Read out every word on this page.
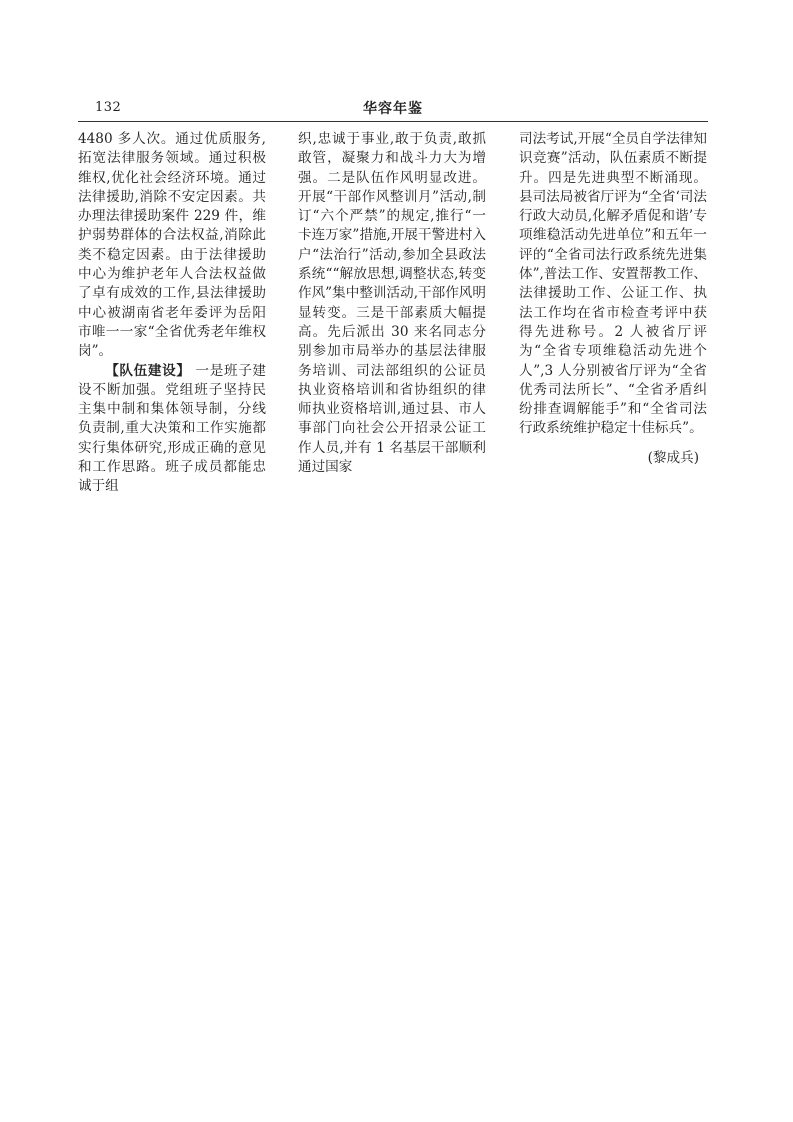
132	华容年鉴

4480 多人次。通过优质服务,拓宽法律服务领域。通过积极维权,优化社会经济环境。通过法律援助,消除不安定因素。共办理法律援助案件 229 件，维护弱势群体的合法权益,消除此类不稳定因素。由于法律援助中心为维护老年人合法权益做了卓有成效的工作,县法律援助中心被湖南省老年委评为岳阳市唯一一家“全省优秀老年维权岗”。

【队伍建设】 一是班子建设不断加强。党组班子坚持民主集中制和集体领导制，分线负责制,重大决策和工作实施都实行集体研究,形成正确的意见和工作思路。班子成员都能忠诚于组

织,忠诚于事业,敢于负责,敢抓敢管，凝聚力和战斗力大为增强。二是队伍作风明显改进。开展“干部作风整训月”活动,制订“六个严禁”的规定,推行“一卡连万家”措施,开展干警进村入户“法治行”活动,参加全县政法系统““解放思想,调整状态,转变作风”集中整训活动,干部作风明显转变。三是干部素质大幅提高。先后派出 30 来名同志分别参加市局举办的基层法律服务培训、司法部组织的公证员执业资格培训和省协组织的律师执业资格培训,通过县、市人事部门向社会公开招录公证工作人员,并有 1 名基层干部顺利通过国家

司法考试,开展“全员自学法律知识竞赛”活动，队伍素质不断提升。四是先进典型不断涌现。县司法局被省厅评为“全省‘司法行政大动员,化解矛盾促和谐’专项维稳活动先进单位”和五年一评的“全省司法行政系统先进集体”,普法工作、安置帮教工作、法律援助工作、公证工作、执法工作均在省市检查考评中获得先进称号。2 人被省厅评为“全省专项维稳活动先进个人”,3 人分别被省厅评为“全省优秀司法所长”、“全省矛盾纠纷排查调解能手”和“全省司法行政系统维护稳定十佳标兵”。

(黎成兵)
